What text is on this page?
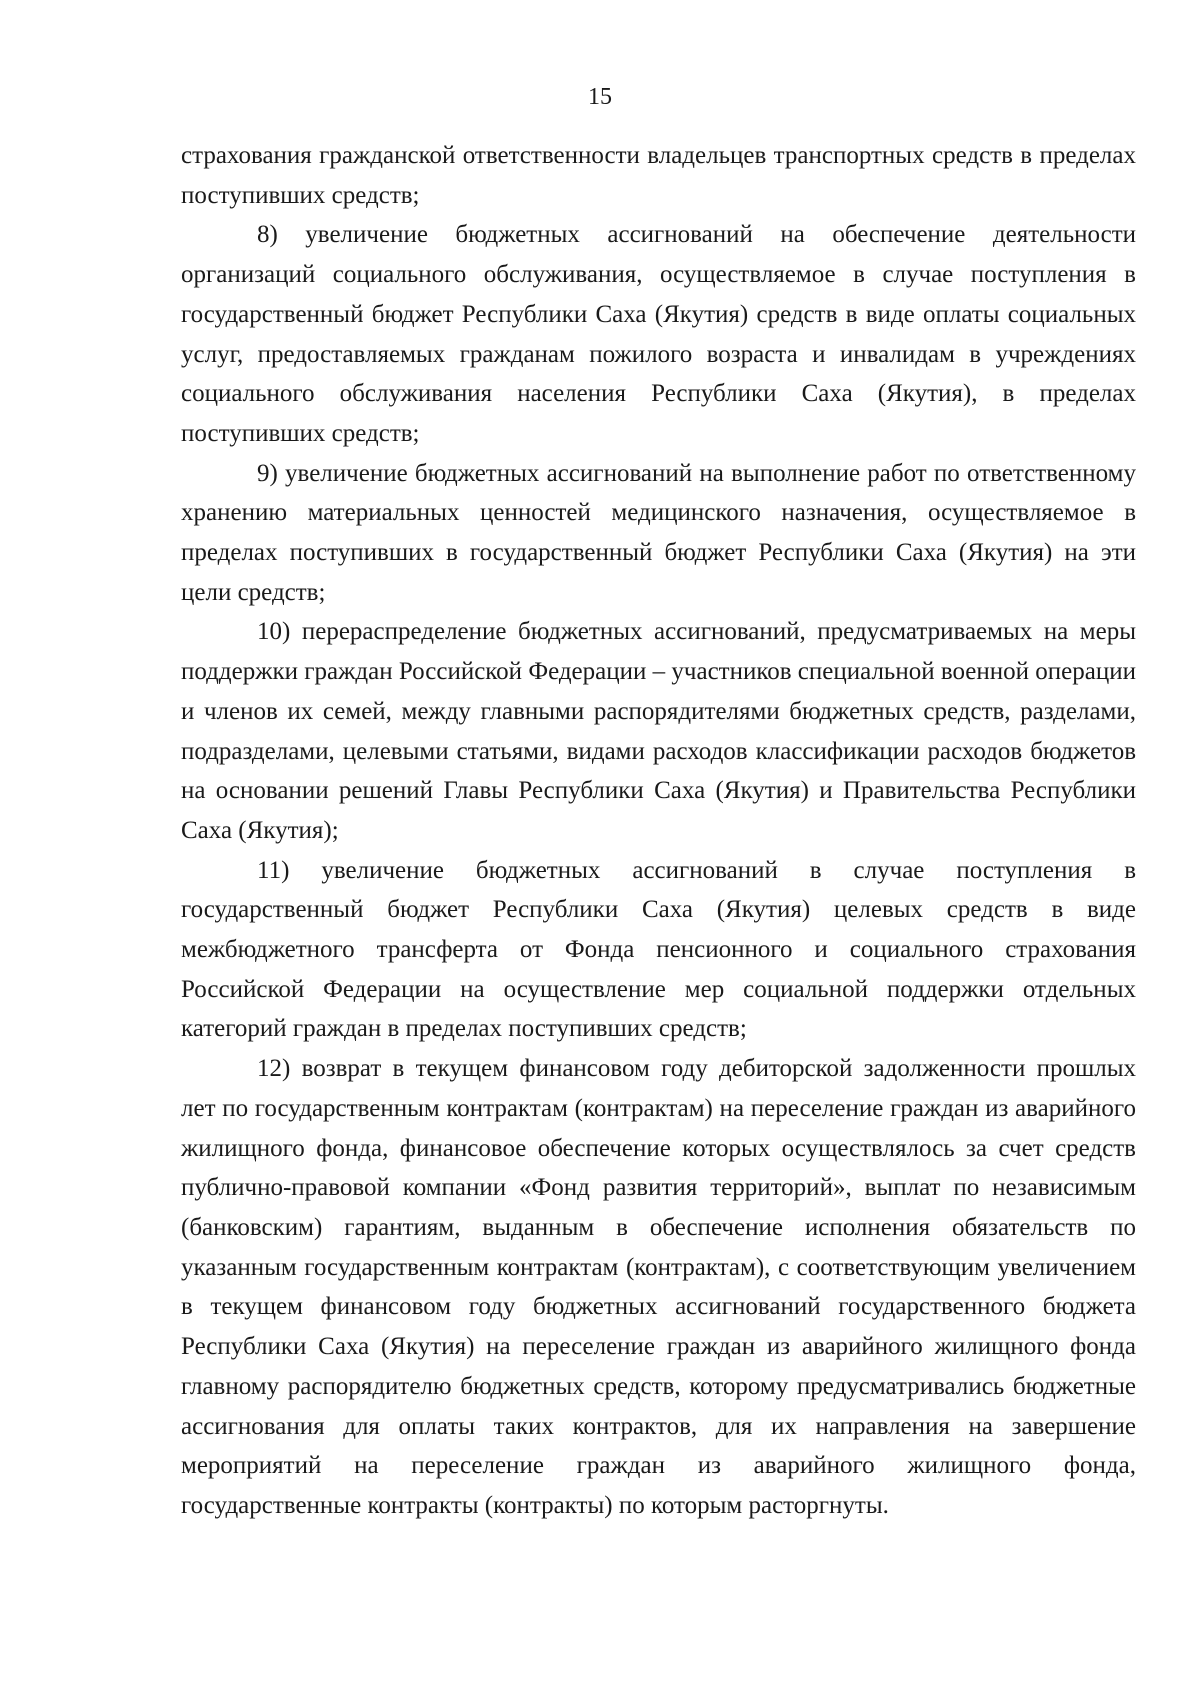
15

страхования гражданской ответственности владельцев транспортных средств в пределах поступивших средств;

8) увеличение бюджетных ассигнований на обеспечение деятельности организаций социального обслуживания, осуществляемое в случае поступления в государственный бюджет Республики Саха (Якутия) средств в виде оплаты социальных услуг, предоставляемых гражданам пожилого возраста и инвалидам в учреждениях социального обслуживания населения Республики Саха (Якутия), в пределах поступивших средств;

9) увеличение бюджетных ассигнований на выполнение работ по ответственному хранению материальных ценностей медицинского назначения, осуществляемое в пределах поступивших в государственный бюджет Республики Саха (Якутия) на эти цели средств;

10) перераспределение бюджетных ассигнований, предусматриваемых на меры поддержки граждан Российской Федерации – участников специальной военной операции и членов их семей, между главными распорядителями бюджетных средств, разделами, подразделами, целевыми статьями, видами расходов классификации расходов бюджетов на основании решений Главы Республики Саха (Якутия) и Правительства Республики Саха (Якутия);

11) увеличение бюджетных ассигнований в случае поступления в государственный бюджет Республики Саха (Якутия) целевых средств в виде межбюджетного трансферта от Фонда пенсионного и социального страхования Российской Федерации на осуществление мер социальной поддержки отдельных категорий граждан в пределах поступивших средств;

12) возврат в текущем финансовом году дебиторской задолженности прошлых лет по государственным контрактам (контрактам) на переселение граждан из аварийного жилищного фонда, финансовое обеспечение которых осуществлялось за счет средств публично-правовой компании «Фонд развития территорий», выплат по независимым (банковским) гарантиям, выданным в обеспечение исполнения обязательств по указанным государственным контрактам (контрактам), с соответствующим увеличением в текущем финансовом году бюджетных ассигнований государственного бюджета Республики Саха (Якутия) на переселение граждан из аварийного жилищного фонда главному распорядителю бюджетных средств, которому предусматривались бюджетные ассигнования для оплаты таких контрактов, для их направления на завершение мероприятий на переселение граждан из аварийного жилищного фонда, государственные контракты (контракты) по которым расторгнуты.
